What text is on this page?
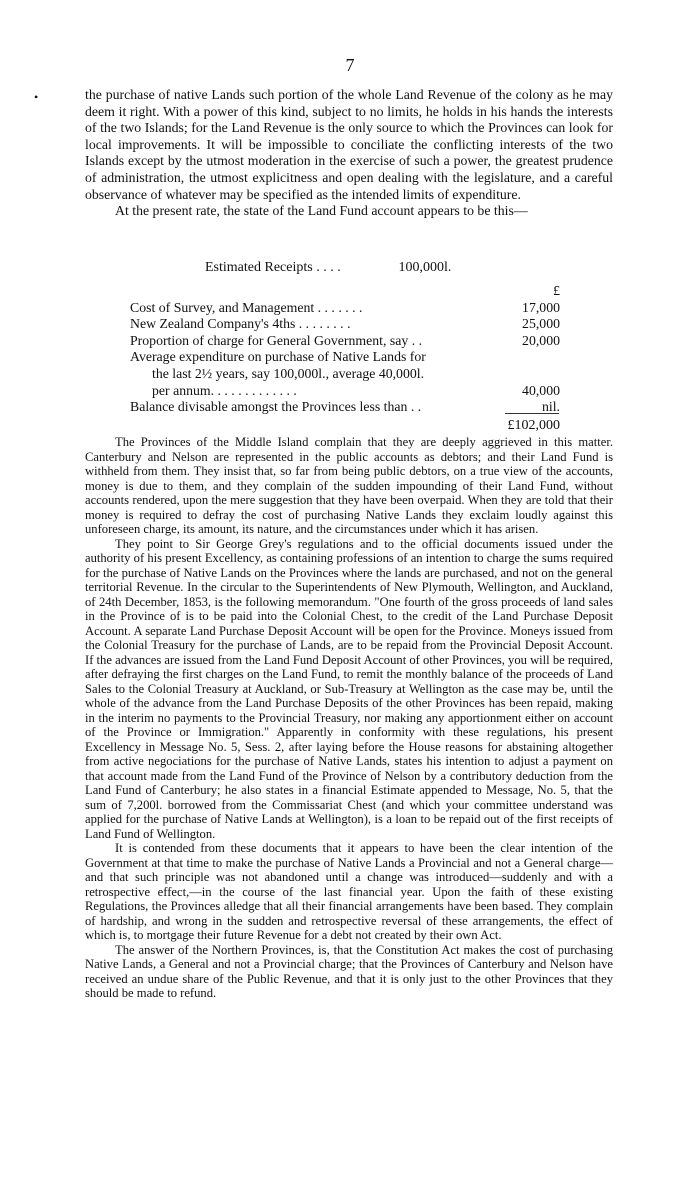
7
•	the purchase of native Lands such portion of the whole Land Revenue of the colony as he may deem it right. With a power of this kind, subject to no limits, he holds in his hands the interests of the two Islands; for the Land Revenue is the only source to which the Provinces can look for local improvements. It will be impossible to conciliate the conflicting interests of the two Islands except by the utmost moderation in the exercise of such a power, the greatest prudence of administration, the utmost explicitness and open dealing with the legislature, and a careful observance of whatever may be specified as the intended limits of expenditure.

At the present rate, the state of the Land Fund account appears to be this—

Estimated Receipts . . . .	100,000l.
£
Cost of Survey, and Management . . . . . . .	17,000
New Zealand Company's 4ths . . . . . . . .	25,000
Proportion of charge for General Government, say . .	20,000
Average expenditure on purchase of Native Lands for
the last 2½ years, say 100,000l., average 40,000l.
per annum. . . . . . . . . . . . .	40,000
Balance divisable amongst the Provinces less than . .	nil.
£102,000

The Provinces of the Middle Island complain that they are deeply aggrieved in this matter. Canterbury and Nelson are represented in the public accounts as debtors; and their Land Fund is withheld from them. They insist that, so far from being public debtors, on a true view of the accounts, money is due to them, and they complain of the sudden impounding of their Land Fund, without accounts rendered, upon the mere suggestion that they have been overpaid. When they are told that their money is required to defray the cost of purchasing Native Lands they exclaim loudly against this unforeseen charge, its amount, its nature, and the circumstances under which it has arisen.

They point to Sir George Grey's regulations and to the official documents issued under the authority of his present Excellency, as containing professions of an intention to charge the sums required for the purchase of Native Lands on the Provinces where the lands are purchased, and not on the general territorial Revenue. In the circular to the Superintendents of New Plymouth, Wellington, and Auckland, of 24th December, 1853, is the following memorandum. "One fourth of the gross proceeds of land sales in the Province of is to be paid into the Colonial Chest, to the credit of the Land Purchase Deposit Account. A separate Land Purchase Deposit Account will be open for the Province. Moneys issued from the Colonial Treasury for the purchase of Lands, are to be repaid from the Provincial Deposit Account. If the advances are issued from the Land Fund Deposit Account of other Provinces, you will be required, after defraying the first charges on the Land Fund, to remit the monthly balance of the proceeds of Land Sales to the Colonial Treasury at Auckland, or Sub-Treasury at Wellington as the case may be, until the whole of the advance from the Land Purchase Deposits of the other Provinces has been repaid, making in the interim no payments to the Provincial Treasury, nor making any apportionment either on account of the Province or Immigration." Apparently in conformity with these regulations, his present Excellency in Message No. 5, Sess. 2, after laying before the House reasons for abstaining altogether from active negociations for the purchase of Native Lands, states his intention to adjust a payment on that account made from the Land Fund of the Province of Nelson by a contributory deduction from the Land Fund of Canterbury; he also states in a financial Estimate appended to Message, No. 5, that the sum of 7,200l. borrowed from the Commissariat Chest (and which your committee understand was applied for the purchase of Native Lands at Wellington), is a loan to be repaid out of the first receipts of Land Fund of Wellington.

It is contended from these documents that it appears to have been the clear intention of the Government at that time to make the purchase of Native Lands a Provincial and not a General charge—and that such principle was not abandoned until a change was introduced—suddenly and with a retrospective effect,—in the course of the last financial year. Upon the faith of these existing Regulations, the Provinces alledge that all their financial arrangements have been based. They complain of hardship, and wrong in the sudden and retrospective reversal of these arrangements, the effect of which is, to mortgage their future Revenue for a debt not created by their own Act.

The answer of the Northern Provinces, is, that the Constitution Act makes the cost of purchasing Native Lands, a General and not a Provincial charge; that the Provinces of Canterbury and Nelson have received an undue share of the Public Revenue, and that it is only just to the other Provinces that they should be made to refund.
